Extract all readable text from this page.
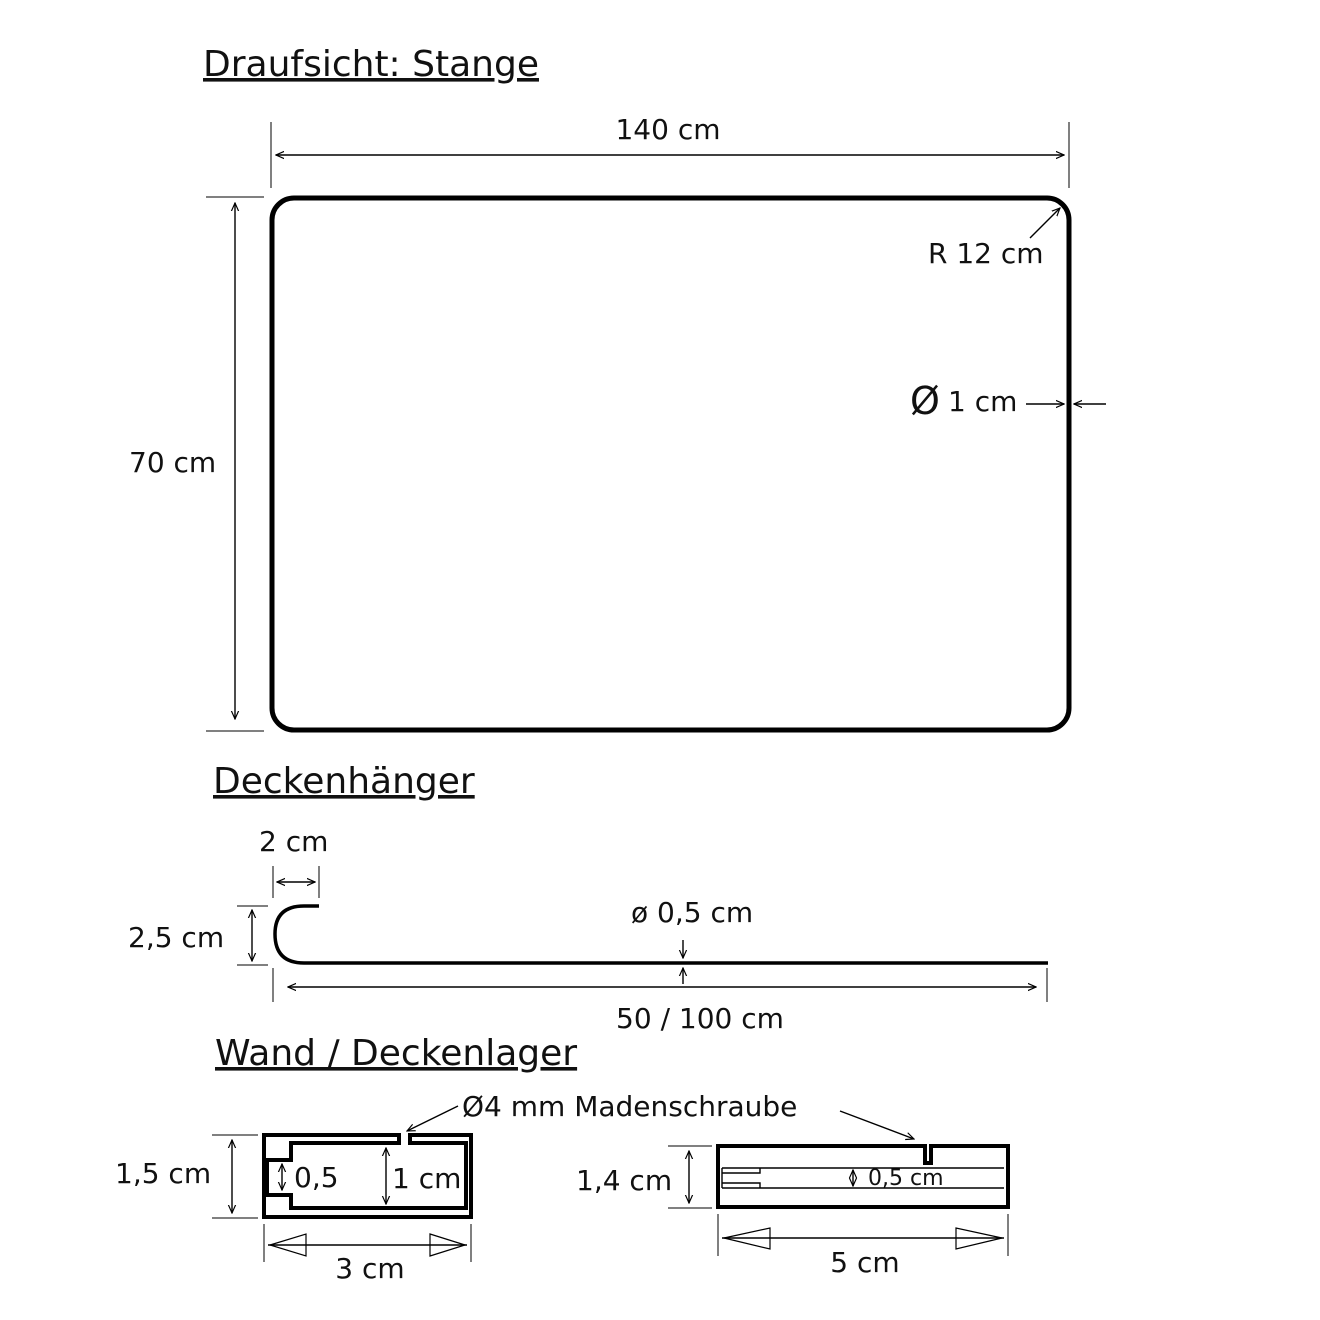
Draufsicht: Stange
140 cm
70 cm
R 12 cm
Ø 1 cm
Deckenhänger
2 cm
2,5 cm
ø 0,5 cm
50 / 100 cm
Wand / Deckenlager
Ø4 mm Madenschraube
1,5 cm	0,5 1 cm
3 cm
1,4 cm	0,5 cm
5 cm
